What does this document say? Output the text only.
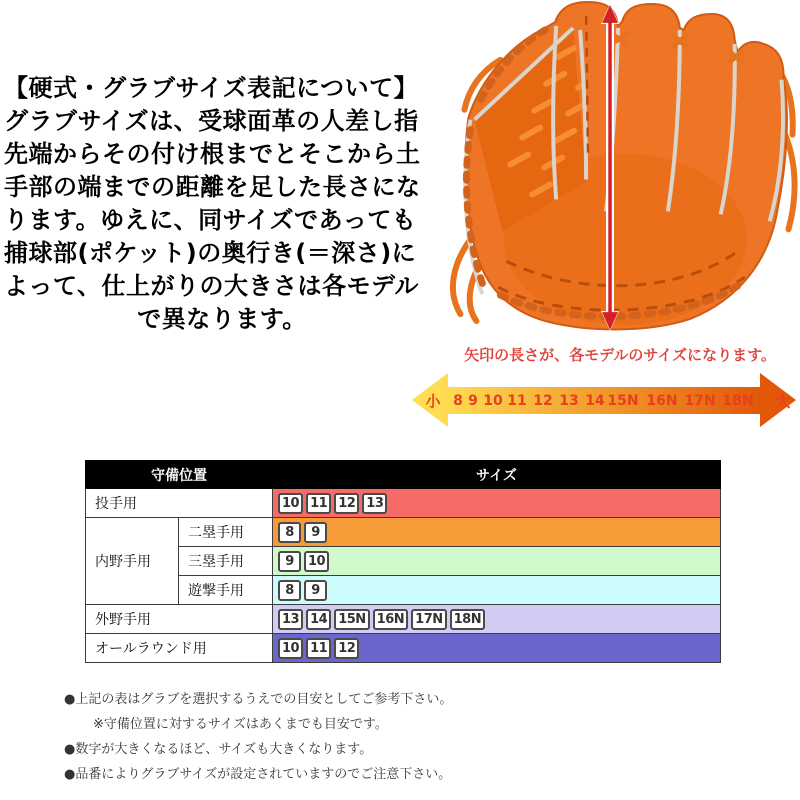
【硬式・グラブサイズ表記について】
グラブサイズは、受球面革の人差し指
先端からその付け根までとそこから土
手部の端までの距離を足した長さにな
ります。ゆえに、同サイズであっても
捕球部(ポケット)の奥行き(＝深さ)に
よって、仕上がりの大きさは各モデル
で異なります。
矢印の長さが、各モデルのサイズになります。
小 8 9 10 11 12 13 14 15N 16N 17N 18N 大
守備位置		サイズ
投手用		10 11 12 13
内野手用	二塁手用	8 9
	三塁手用	9 10
	遊撃手用	8 9
外野手用		13 14 15N 16N 17N 18N
オールラウンド用		10 11 12
●上記の表はグラブを選択するうえでの目安としてご参考下さい。
※守備位置に対するサイズはあくまでも目安です。
●数字が大きくなるほど、サイズも大きくなります。
●品番によりグラブサイズが設定されていますのでご注意下さい。
